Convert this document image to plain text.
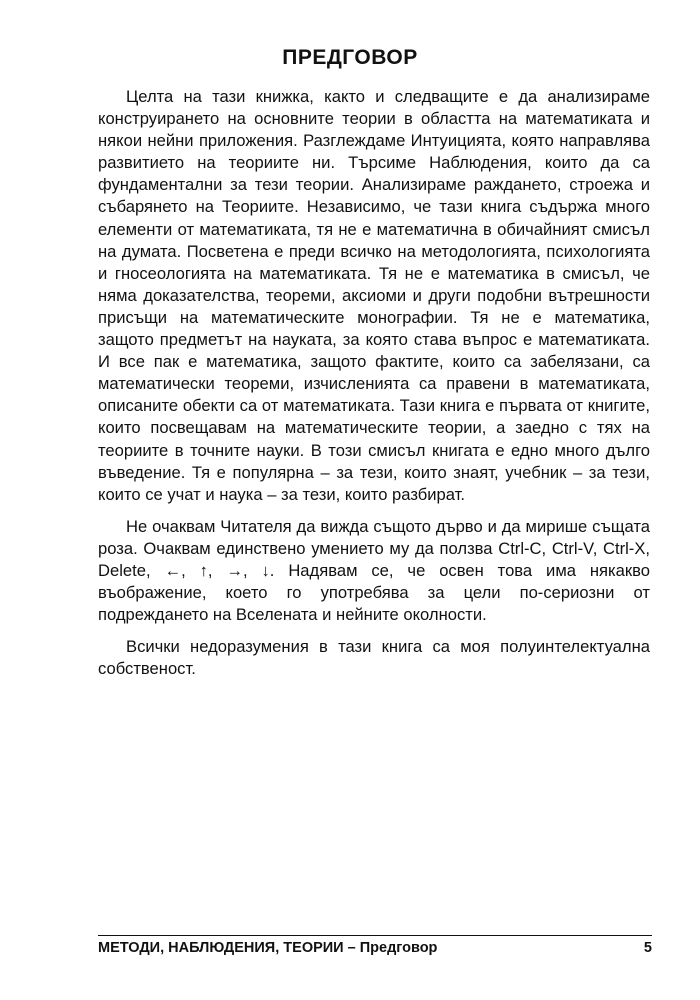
ПРЕДГОВОР

Целта на тази книжка, както и следващите е да анализираме конструирането на основните теории в областта на математиката и някои нейни приложения. Разглеждаме Интуицията, която направлява развитието на теориите ни. Търсиме Наблюдения, които да са фундаментални за тези теории. Анализираме раждането, строежа и събарянето на Теориите. Независимо, че тази книга съдържа много елементи от математиката, тя не е математична в обичайният смисъл на думата. Посветена е преди всичко на методологията, психологията и гносеологията на математиката. Тя не е математика в смисъл, че няма доказателства, теореми, аксиоми и други подобни вътрешности присъщи на математическите монографии. Тя не е математика, защото предметът на науката, за която става въпрос е математиката. И все пак е математика, защото фактите, които са забелязани, са математически теореми, изчисленията са правени в математиката, описаните обекти са от математиката. Тази книга е първата от книгите, които посвещавам на математическите теории, а заедно с тях на теориите в точните науки. В този смисъл книгата е едно много дълго въведение. Тя е популярна – за тези, които знаят, учебник – за тези, които се учат и наука – за тези, които разбират.

Не очаквам Читателя да вижда същото дърво и да мирише същата роза. Очаквам единствено умението му да ползва Ctrl-C, Ctrl-V, Ctrl-X, Delete, ←, ↑, →, ↓. Надявам се, че освен това има някакво въображение, което го употребява за цели по-сериозни от подреждането на Вселената и нейните околности.

Всички недоразумения в тази книга са моя полуинтелектуална собственост.

МЕТОДИ, НАБЛЮДЕНИЯ, ТЕОРИИ – Предговор	5
